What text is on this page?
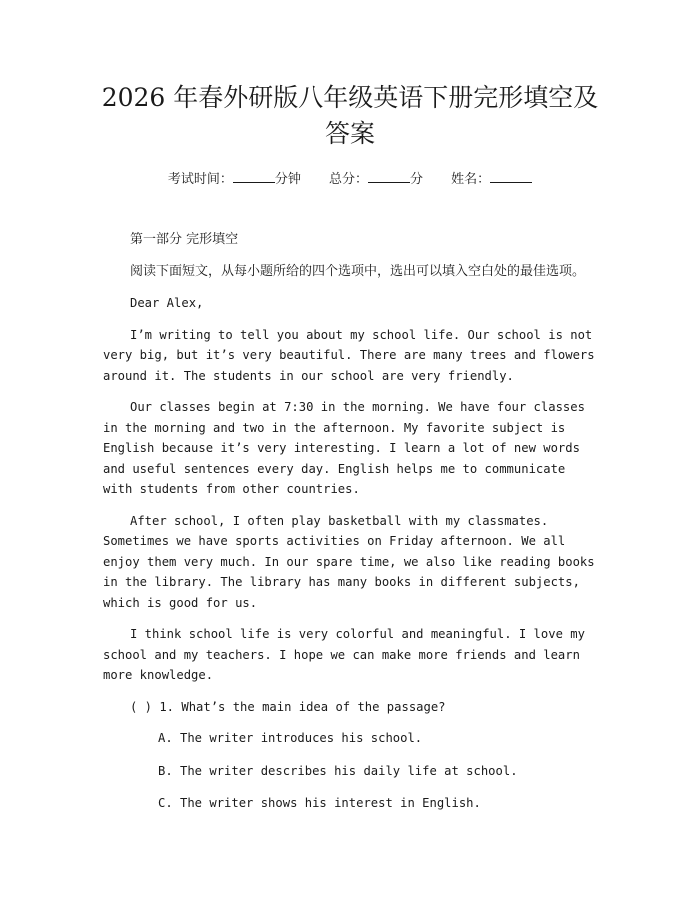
2026 年春外研版八年级英语下册完形填空及答案
考试时间：	分钟 总分：	分 姓名：

第一部分 完形填空

阅读下面短文，从每小题所给的四个选项中，选出可以填入空白处的最佳选项。

Dear Alex,

I’m writing to tell you about my school life. Our school is not very big, but it’s very beautiful. There are many trees and flowers around it. The students in our school are very friendly.

Our classes begin at 7:30 in the morning. We have four classes in the morning and two in the afternoon. My favorite subject is English because it’s very interesting. I learn a lot of new words and useful sentences every day. English helps me to communicate with students from other countries.

After school, I often play basketball with my classmates. Sometimes we have sports activities on Friday afternoon. We all enjoy them very much. In our spare time, we also like reading books in the library. The library has many books in different subjects, which is good for us.

I think school life is very colorful and meaningful. I love my school and my teachers. I hope we can make more friends and learn more knowledge.

( ) 1. What’s the main idea of the passage?

A. The writer introduces his school.

B. The writer describes his daily life at school.

C. The writer shows his interest in English.
